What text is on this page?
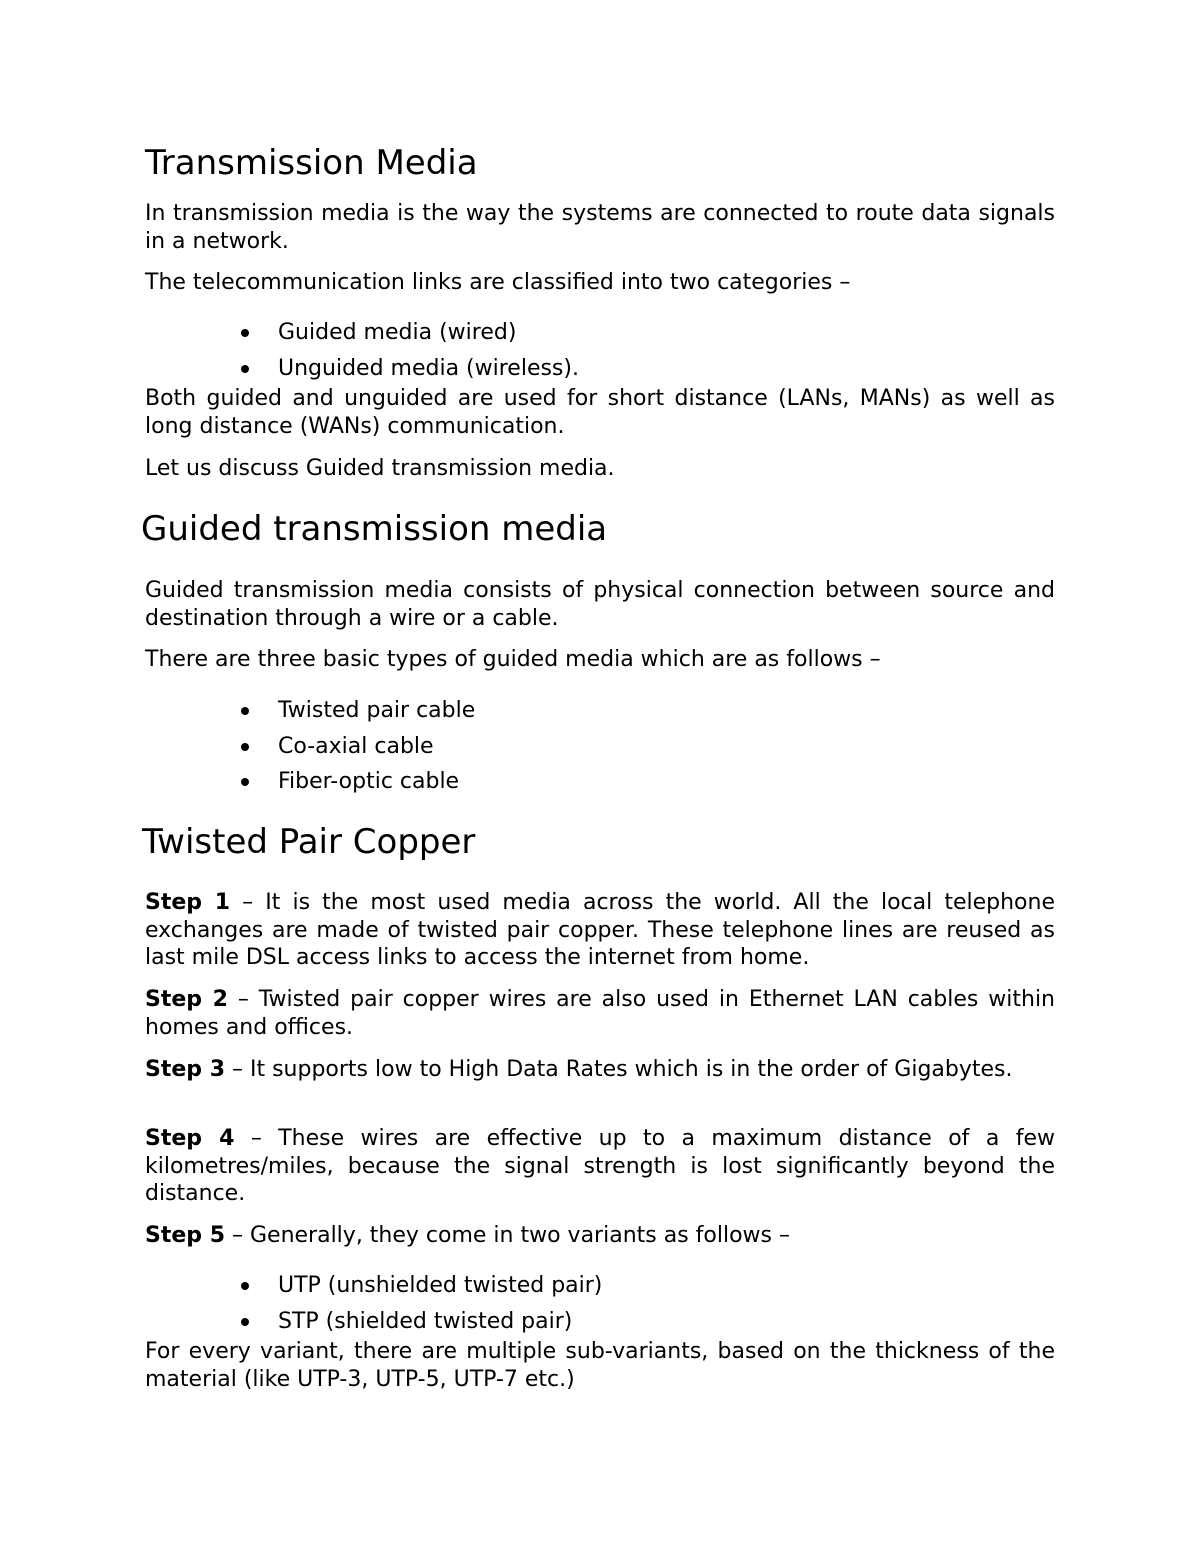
Transmission Media

In transmission media is the way the systems are connected to route data signals in a network.

The telecommunication links are classified into two categories –

Guided media (wired)
Unguided media (wireless).

Both guided and unguided are used for short distance (LANs, MANs) as well as long distance (WANs) communication.

Let us discuss Guided transmission media.

Guided transmission media

Guided transmission media consists of physical connection between source and destination through a wire or a cable.

There are three basic types of guided media which are as follows –

Twisted pair cable
Co-axial cable
Fiber-optic cable
Twisted Pair Copper

Step 1 – It is the most used media across the world. All the local telephone exchanges are made of twisted pair copper. These telephone lines are reused as last mile DSL access links to access the internet from home.

Step 2 – Twisted pair copper wires are also used in Ethernet LAN cables within homes and offices.

Step 3 – It supports low to High Data Rates which is in the order of Gigabytes.

Step 4 – These wires are effective up to a maximum distance of a few kilometres/miles, because the signal strength is lost significantly beyond the distance.

Step 5 – Generally, they come in two variants as follows –

UTP (unshielded twisted pair)
STP (shielded twisted pair)

For every variant, there are multiple sub-variants, based on the thickness of the material (like UTP-3, UTP-5, UTP-7 etc.)
